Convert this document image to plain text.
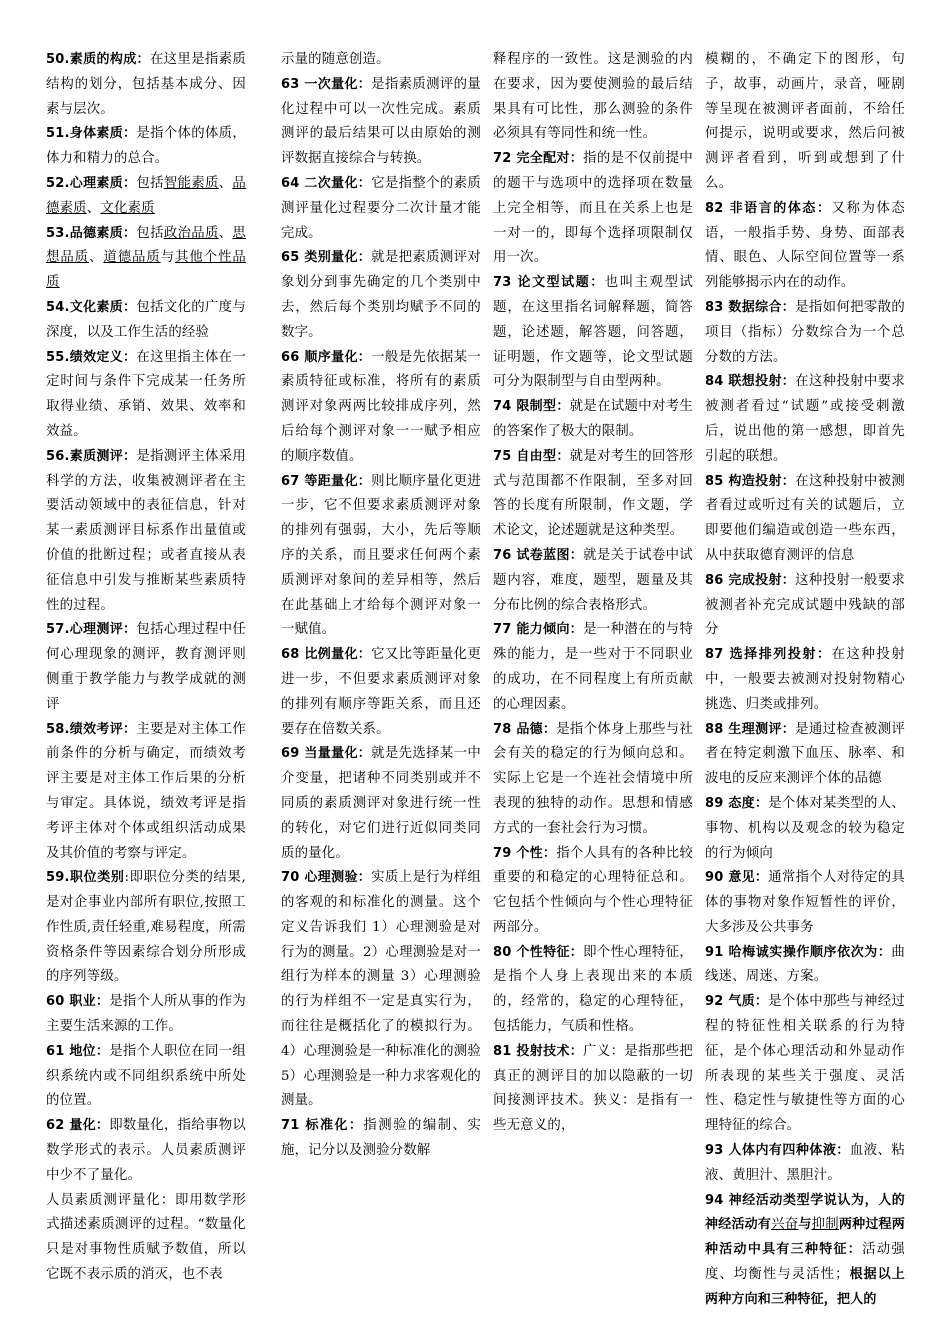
50.素质的构成：在这里是指素质结构的划分，包括基本成分、因素与层次。

51.身体素质：是指个体的体质，体力和精力的总合。

52.心理素质：包括智能素质、品德素质、文化素质

53.品德素质：包括政治品质、思想品质、道德品质与其他个性品质

54.文化素质：包括文化的广度与深度，以及工作生活的经验

55.绩效定义：在这里指主体在一定时间与条件下完成某一任务所取得业绩、承销、效果、效率和效益。

56.素质测评：是指测评主体采用科学的方法，收集被测评者在主要活动领域中的表征信息，针对某一素质测评目标系作出量值或价值的批断过程；或者直接从表征信息中引发与推断某些素质特性的过程。

57.心理测评：包括心理过程中任何心理现象的测评，教育测评则侧重于教学能力与教学成就的测评

58.绩效考评：主要是对主体工作前条件的分析与确定，而绩效考评主要是对主体工作后果的分析与审定。具体说，绩效考评是指考评主体对个体或组织活动成果及其价值的考察与评定。

59.职位类别:即职位分类的结果,是对企事业内部所有职位,按照工作性质,责任轻重,难易程度，所需资格条件等因素综合划分所形成的序列等级。

60 职业：是指个人所从事的作为主要生活来源的工作。

61 地位：是指个人职位在同一组织系统内或不同组织系统中所处的位置。

62 量化：即数量化，指给事物以数学形式的表示。人员素质测评中少不了量化。

人员素质测评量化：即用数学形式描述素质测评的过程。“数量化只是对事物性质赋予数值，所以它既不表示质的消灭，也不表

示量的随意创造。

63 一次量化：是指素质测评的量化过程中可以一次性完成。素质测评的最后结果可以由原始的测评数据直接综合与转换。

64 二次量化：它是指整个的素质测评量化过程要分二次计量才能完成。

65 类别量化：就是把素质测评对象划分到事先确定的几个类别中去，然后每个类别均赋予不同的数字。

66 顺序量化：一般是先依据某一素质特征或标准，将所有的素质测评对象两两比较排成序列，然后给每个测评对象一一赋予相应的顺序数值。

67 等距量化：则比顺序量化更进一步，它不但要求素质测评对象的排列有强弱，大小，先后等顺序的关系，而且要求任何两个素质测评对象间的差异相等，然后在此基础上才给每个测评对象一一赋值。

68 比例量化：它又比等距量化更进一步，不但要求素质测评对象的排列有顺序等距关系，而且还要存在倍数关系。

69 当量量化：就是先选择某一中介变量，把诸种不同类别或并不同质的素质测评对象进行统一性的转化，对它们进行近似同类同质的量化。

70 心理测验：实质上是行为样组的客观的和标准化的测量。这个定义告诉我们 1）心理测验是对行为的测量。2）心理测验是对一组行为样本的测量 3）心理测验的行为样组不一定是真实行为，而往往是概括化了的模拟行为。4）心理测验是一种标准化的测验 5）心理测验是一种力求客观化的测量。

71 标准化：指测验的编制、实施，记分以及测验分数解

释程序的一致性。这是测验的内在要求，因为要使测验的最后结果具有可比性，那么测验的条件必须具有等同性和统一性。

72 完全配对：指的是不仅前提中的题干与选项中的选择项在数量上完全相等，而且在关系上也是一对一的，即每个选择项限制仅用一次。

73 论文型试题：也叫主观型试题，在这里指名词解释题，简答题，论述题，解答题，问答题，证明题，作文题等，论文型试题可分为限制型与自由型两种。

74 限制型：就是在试题中对考生的答案作了极大的限制。

75 自由型：就是对考生的回答形式与范围都不作限制，至多对回答的长度有所限制，作文题，学术论文，论述题就是这种类型。

76 试卷蓝图：就是关于试卷中试题内容，难度，题型，题量及其分布比例的综合表格形式。

77 能力倾向：是一种潜在的与特殊的能力，是一些对于不同职业的成功，在不同程度上有所贡献的心理因素。

78 品德：是指个体身上那些与社会有关的稳定的行为倾向总和。实际上它是一个连社会情境中所表现的独特的动作。思想和情感方式的一套社会行为习惯。

79 个性：指个人具有的各种比较重要的和稳定的心理特征总和。它包括个性倾向与个性心理特征两部分。

80 个性特征：即个性心理特征，是指个人身上表现出来的本质的，经常的，稳定的心理特征，包括能力，气质和性格。

81 投射技术：广义：是指那些把真正的测评目的加以隐蔽的一切间接测评技术。狭义：是指有一些无意义的，

模糊的，不确定下的图形，句子，故事，动画片，录音，哑剧等呈现在被测评者面前，不给任何提示，说明或要求，然后问被测评者看到，听到或想到了什么。

82 非语言的体态：又称为体态语，一般指手势、身势、面部表情、眼色、人际空间位置等一系列能够揭示内在的动作。

83 数据综合：是指如何把零散的项目（指标）分数综合为一个总分数的方法。

84 联想投射：在这种投射中要求被测者看过“试题”或接受刺激后，说出他的第一感想，即首先引起的联想。

85 构造投射：在这种投射中被测者看过或听过有关的试题后，立即要他们编造或创造一些东西，从中获取德育测评的信息

86 完成投射：这种投射一般要求被测者补充完成试题中残缺的部分

87 选择排列投射：在这种投射中，一般要去被测对投射物精心挑选、归类或排列。

88 生理测评：是通过检查被测评者在特定刺激下血压、脉率、和波电的反应来测评个体的品德

89 态度：是个体对某类型的人、事物、机构以及观念的较为稳定的行为倾向

90 意见：通常指个人对待定的具体的事物对象作短暂性的评价，大多涉及公共事务

91 哈梅诚实操作顺序依次为：曲线迷、周迷、方案。

92 气质：是个体中那些与神经过程的特征性相关联系的行为特征，是个体心理活动和外显动作所表现的某些关于强度、灵活性、稳定性与敏捷性等方面的心理特征的综合。

93 人体内有四种体液：血液、粘液、黄胆汁、黑胆汁。

94 神经活动类型学说认为，人的神经活动有兴奋与抑制两种过程两种活动中具有三种特征：活动强度、均衡性与灵活性；根据以上两种方向和三种特征，把人的
